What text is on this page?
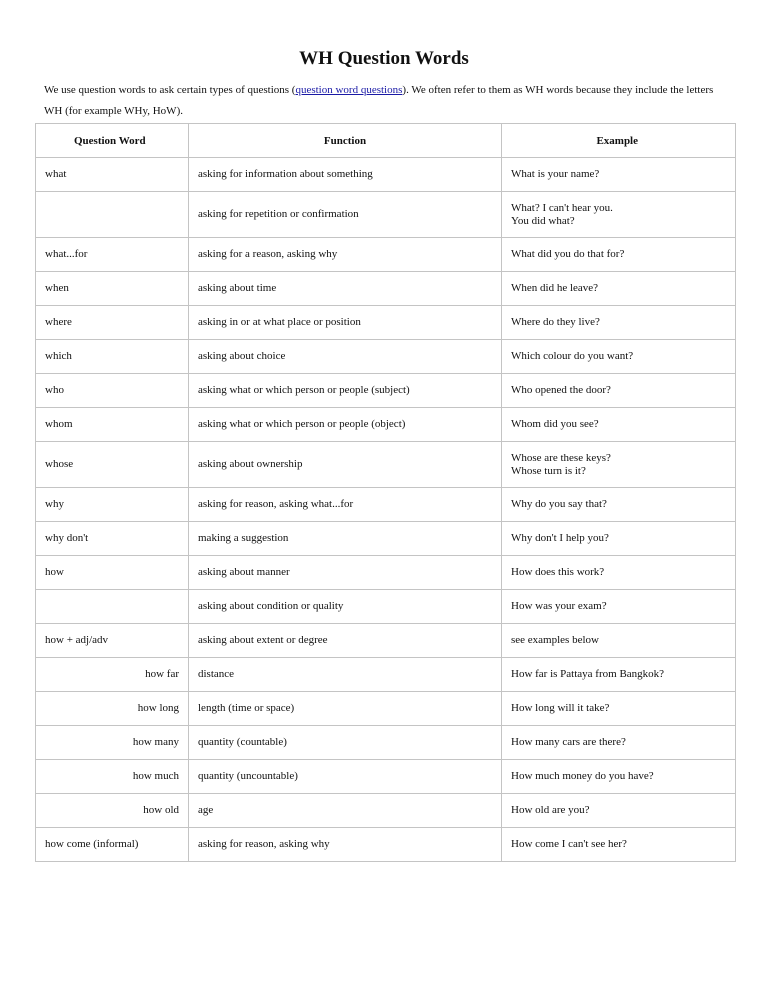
WH Question Words
We use question words to ask certain types of questions (question word questions). We often refer to them as WH words because they include the letters WH (for example WHy, HoW).
Question Word	Function	Example
what	asking for information about something	What is your name?

	asking for repetition or confirmation	What? I can't hear you.
You did what?

what...for	asking for a reason, asking why	What did you do that for?

when	asking about time	When did he leave?

where	asking in or at what place or position	Where do they live?

which	asking about choice	Which colour do you want?

who	asking what or which person or people (subject)	Who opened the door?

whom	asking what or which person or people (object)	Whom did you see?

whose	asking about ownership	Whose are these keys?
Whose turn is it?

why	asking for reason, asking what...for	Why do you say that?

why don't	making a suggestion	Why don't I help you?

how	asking about manner	How does this work?

	asking about condition or quality	How was your exam?

how + adj/adv	asking about extent or degree	see examples below

how far	distance	How far is Pattaya from Bangkok?

how long	length (time or space)	How long will it take?

how many	quantity (countable)	How many cars are there?

how much	quantity (uncountable)	How much money do you have?

how old	age	How old are you?

how come (informal)	asking for reason, asking why	How come I can't see her?
